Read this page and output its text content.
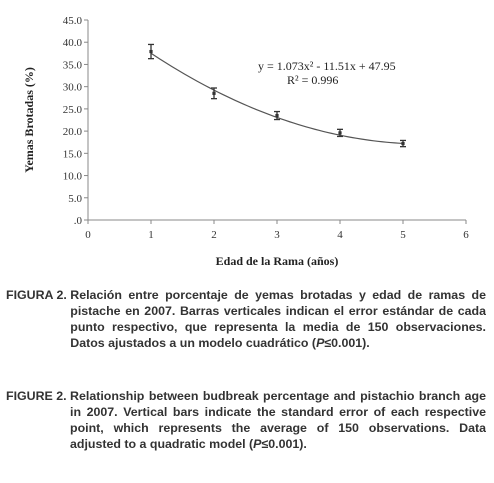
.0
5.0
10.0
15.0
20.0
25.0
30.0
35.0
40.0
45.0
0	1	2	3	4	5	6
y = 1.073x² - 11.51x + 47.95
R² = 0.996
Edad de la Rama (años)
Yemas Brotadas (%)

FIGURA 2. Relación entre porcentaje de yemas brotadas y edad de ramas de pistache en 2007. Barras verticales indican el error estándar de cada punto respectivo, que representa la media de 150 observaciones. Datos ajustados a un modelo cuadrático (P≤0.001).

FIGURE 2. Relationship between budbreak percentage and pistachio branch age in 2007. Vertical bars indicate the standard error of each respective point, which represents the average of 150 observations. Data adjusted to a quadratic model (P≤0.001).
